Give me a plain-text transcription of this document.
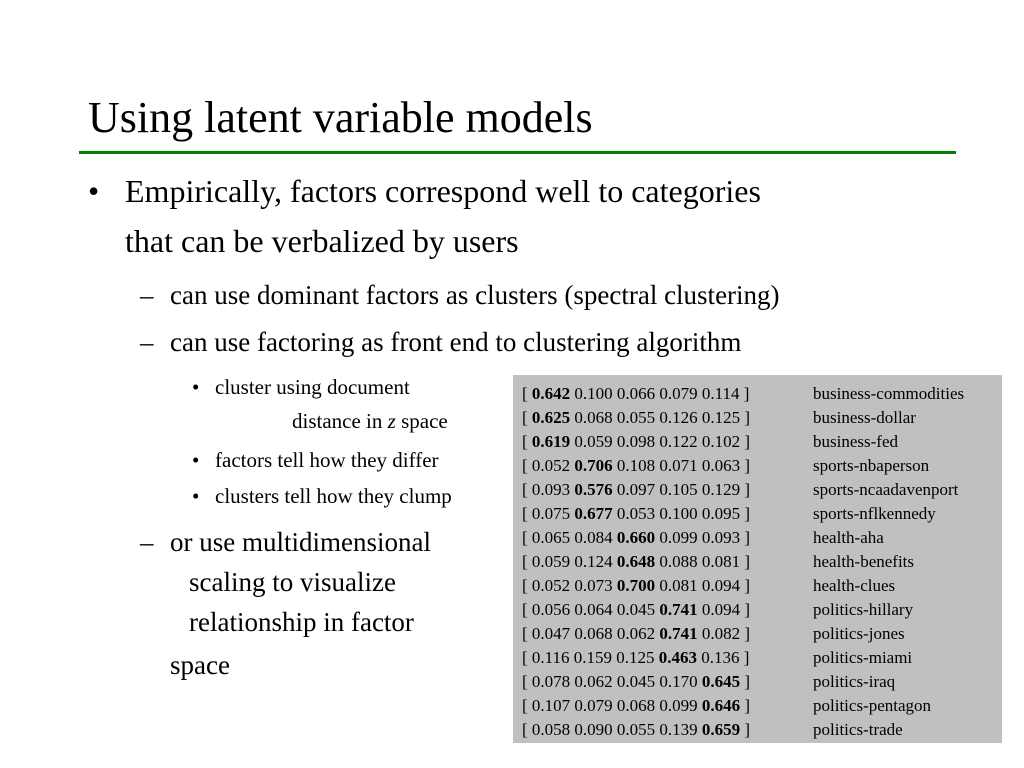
Using latent variable models
• Empirically, factors correspond well to categories
that can be verbalized by users
– can use dominant factors as clusters (spectral clustering)
– can use factoring as front end to clustering algorithm
• cluster using document
distance in z space
• factors tell how they differ
• clusters tell how they clump
– or use multidimensional
scaling to visualize
relationship in factor
space
[ 0.642 0.100 0.066 0.079 0.114 ]	business-commodities
[ 0.625 0.068 0.055 0.126 0.125 ]	business-dollar
[ 0.619 0.059 0.098 0.122 0.102 ]	business-fed
[ 0.052 0.706 0.108 0.071 0.063 ]	sports-nbaperson
[ 0.093 0.576 0.097 0.105 0.129 ]	sports-ncaadavenport
[ 0.075 0.677 0.053 0.100 0.095 ]	sports-nflkennedy
[ 0.065 0.084 0.660 0.099 0.093 ]	health-aha
[ 0.059 0.124 0.648 0.088 0.081 ]	health-benefits
[ 0.052 0.073 0.700 0.081 0.094 ]	health-clues
[ 0.056 0.064 0.045 0.741 0.094 ]	politics-hillary
[ 0.047 0.068 0.062 0.741 0.082 ]	politics-jones
[ 0.116 0.159 0.125 0.463 0.136 ]	politics-miami
[ 0.078 0.062 0.045 0.170 0.645 ]	politics-iraq
[ 0.107 0.079 0.068 0.099 0.646 ]	politics-pentagon
[ 0.058 0.090 0.055 0.139 0.659 ]	politics-trade
